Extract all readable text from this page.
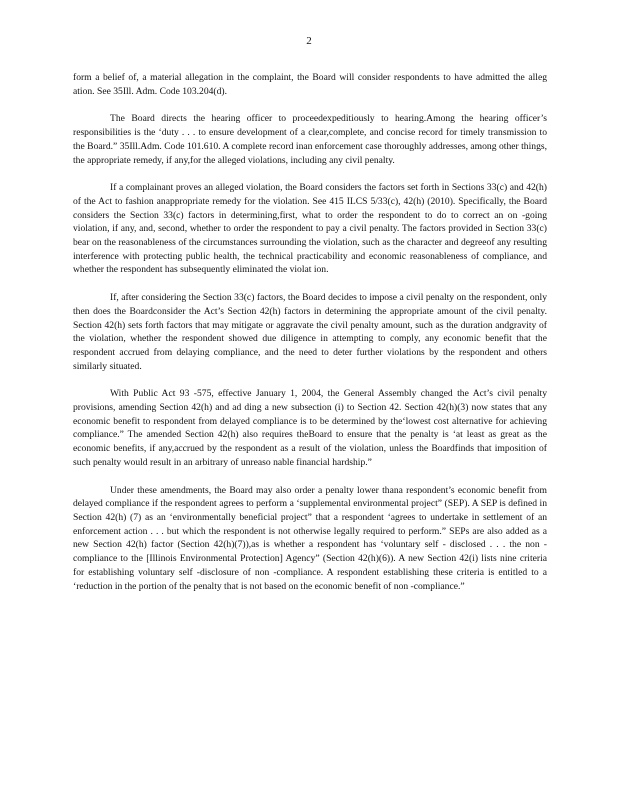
2

form a belief of, a material allegation in the complaint, the Board will consider respondents to have admitted the alleg ation. See 35Ill. Adm. Code 103.204(d).

The Board directs the hearing officer to proceedexpeditiously to hearing.Among the hearing officer’s responsibilities is the ‘duty . . . to ensure development of a clear,complete, and concise record for timely transmission to the Board.” 35Ill.Adm. Code 101.610. A complete record inan enforcement case thoroughly addresses, among other things, the appropriate remedy, if any,for the alleged violations, including any civil penalty.

If a complainant proves an alleged violation, the Board considers the factors set forth in Sections 33(c) and 42(h) of the Act to fashion anappropriate remedy for the violation. See 415 ILCS 5/33(c), 42(h) (2010). Specifically, the Board considers the Section 33(c) factors in determining,first, what to order the respondent to do to correct an on -going violation, if any, and, second, whether to order the respondent to pay a civil penalty. The factors provided in Section 33(c) bear on the reasonableness of the circumstances surrounding the violation, such as the character and degreeof any resulting interference with protecting public health, the technical practicability and economic reasonableness of compliance, and whether the respondent has subsequently eliminated the violat ion.

If, after considering the Section 33(c) factors, the Board decides to impose a civil penalty on the respondent, only then does the Boardconsider the Act’s Section 42(h) factors in determining the appropriate amount of the civil penalty. Section 42(h) sets forth factors that may mitigate or aggravate the civil penalty amount, such as the duration andgravity of the violation, whether the respondent showed due diligence in attempting to comply, any economic benefit that the respondent accrued from delaying compliance, and the need to deter further violations by the respondent and others similarly situated.

With Public Act 93 -575, effective January 1, 2004, the General Assembly changed the Act’s civil penalty provisions, amending Section 42(h) and ad ding a new subsection (i) to Section 42. Section 42(h)(3) now states that any economic benefit to respondent from delayed compliance is to be determined by the‘lowest cost alternative for achieving compliance.” The amended Section 42(h) also requires theBoard to ensure that the penalty is ‘at least as great as the economic benefits, if any,accrued by the respondent as a result of the violation, unless the Boardfinds that imposition of such penalty would result in an arbitrary of unreaso nable financial hardship.”

Under these amendments, the Board may also order a penalty lower thana respondent’s economic benefit from delayed compliance if the respondent agrees to perform a ‘supplemental environmental project” (SEP). A SEP is defined in Section 42(h) (7) as an ‘environmentally beneficial project” that a respondent ‘agrees to undertake in settlement of an enforcement action . . . but which the respondent is not otherwise legally required to perform.” SEPs are also added as a new Section 42(h) factor (Section 42(h)(7)),as is whether a respondent has ‘voluntary self - disclosed . . . the non -compliance to the [Illinois Environmental Protection] Agency” (Section 42(h)(6)). A new Section 42(i) lists nine criteria for establishing voluntary self -disclosure of non -compliance. A respondent establishing these criteria is entitled to a ‘reduction in the portion of the penalty that is not based on the economic benefit of non -compliance.”
